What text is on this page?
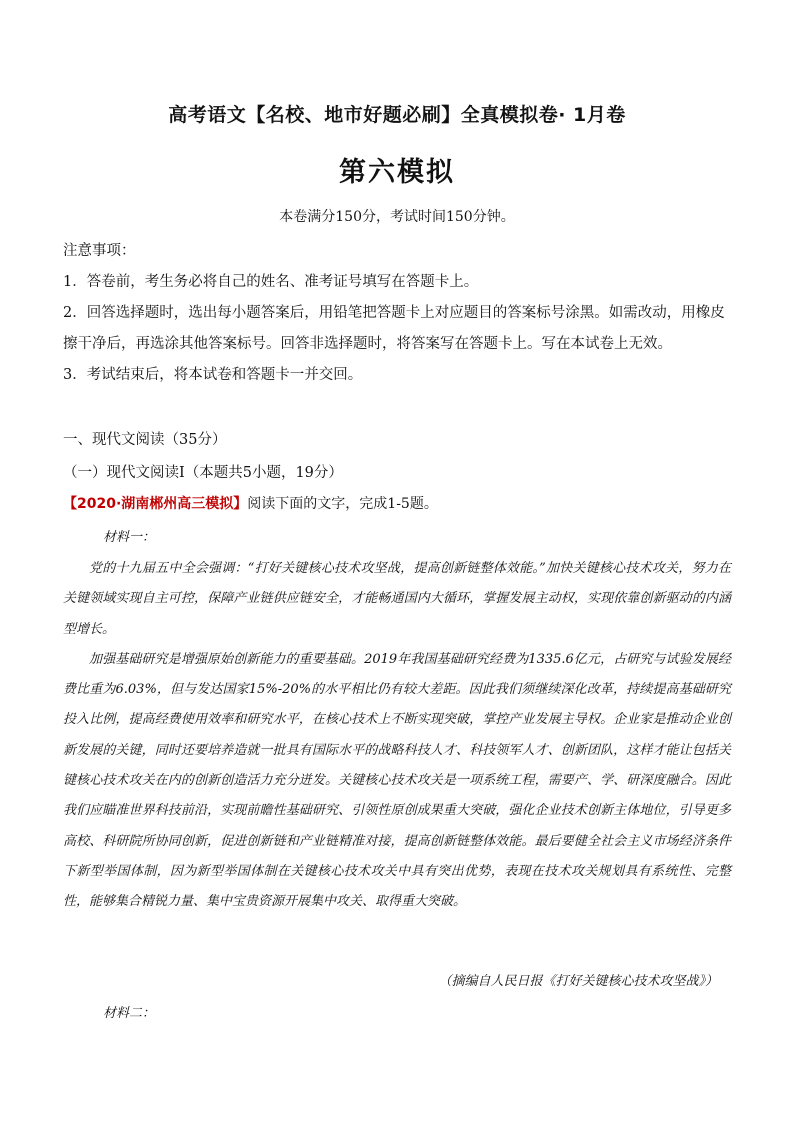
高考语文【名校、地市好题必刷】全真模拟卷· 1月卷
第六模拟
本卷满分150分，考试时间150分钟。

注意事项：

1．答卷前，考生务必将自己的姓名、准考证号填写在答题卡上。

2．回答选择题时，选出每小题答案后，用铅笔把答题卡上对应题目的答案标号涂黑。如需改动，用橡皮擦干净后，再选涂其他答案标号。回答非选择题时，将答案写在答题卡上。写在本试卷上无效。

3．考试结束后，将本试卷和答题卡一并交回。

一、现代文阅读（35分）
（一）现代文阅读Ⅰ（本题共5小题，19分）
【2020·湖南郴州高三模拟】阅读下面的文字，完成1-5题。
材料一：

党的十九届五中全会强调：“打好关键核心技术攻坚战，提高创新链整体效能。”加快关键核心技术攻关，努力在关键领域实现自主可控，保障产业链供应链安全，才能畅通国内大循环，掌握发展主动权，实现依靠创新驱动的内涵型增长。

加强基础研究是增强原始创新能力的重要基础。2019年我国基础研究经费为1335.6亿元，占研究与试验发展经费比重为6.03%，但与发达国家15%-20%的水平相比仍有较大差距。因此我们须继续深化改革，持续提高基础研究投入比例，提高经费使用效率和研究水平，在核心技术上不断实现突破，掌控产业发展主导权。企业家是推动企业创新发展的关键，同时还要培养造就一批具有国际水平的战略科技人才、科技领军人才、创新团队，这样才能让包括关键核心技术攻关在内的创新创造活力充分迸发。关键核心技术攻关是一项系统工程，需要产、学、研深度融合。因此我们应瞄准世界科技前沿，实现前瞻性基础研究、引领性原创成果重大突破，强化企业技术创新主体地位，引导更多高校、科研院所协同创新，促进创新链和产业链精准对接，提高创新链整体效能。最后要健全社会主义市场经济条件下新型举国体制，因为新型举国体制在关键核心技术攻关中具有突出优势，表现在技术攻关规划具有系统性、完整性，能够集合精锐力量、集中宝贵资源开展集中攻关、取得重大突破。

（摘编自人民日报《打好关键核心技术攻坚战》）
材料二：
